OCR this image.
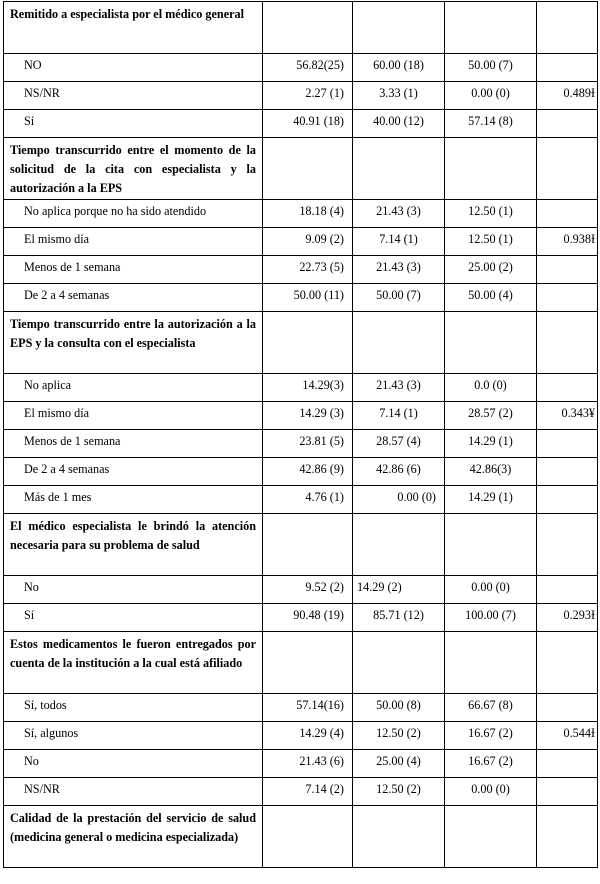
Remitido a especialista por el médico general				
NO	56.82(25)	60.00 (18)	50.00 (7)	
NS/NR	2.27 (1)	3.33 (1)	0.00 (0)	0.489Ɨ
Sí	40.91 (18)	40.00 (12)	57.14 (8)	
Tiempo transcurrido entre el momento de la solicitud de la cita con especialista y la autorización a la EPS				
No aplica porque no ha sido atendido	18.18 (4)	21.43 (3)	12.50 (1)	
El mismo día	9.09 (2)	7.14 (1)	12.50 (1)	0.938Ɨ
Menos de 1 semana	22.73 (5)	21.43 (3)	25.00 (2)	
De 2 a 4 semanas	50.00 (11)	50.00 (7)	50.00 (4)	
Tiempo transcurrido entre la autorización a la EPS y la consulta con el especialista				
No aplica	14.29(3)	21.43 (3)	0.0 (0)	
El mismo día	14.29 (3)	7.14 (1)	28.57 (2)	0.343¥
Menos de 1 semana	23.81 (5)	28.57 (4)	14.29 (1)	
De 2 a 4 semanas	42.86 (9)	42.86 (6)	42.86(3)	
Más de 1 mes	4.76 (1)	0.00 (0)	14.29 (1)	
El médico especialista le brindó la atención necesaria para su problema de salud				
No	9.52 (2)	14.29 (2)	0.00 (0)	
Sí	90.48 (19)	85.71 (12)	100.00 (7)	0.293Ɨ
Estos medicamentos le fueron entregados por cuenta de la institución a la cual está afiliado				
Sí, todos	57.14(16)	50.00 (8)	66.67 (8)	
Sí, algunos	14.29 (4)	12.50 (2)	16.67 (2)	0.544Ɨ
No	21.43 (6)	25.00 (4)	16.67 (2)	
NS/NR	7.14 (2)	12.50 (2)	0.00 (0)	
Calidad de la prestación del servicio de salud (medicina general o medicina especializada)				
